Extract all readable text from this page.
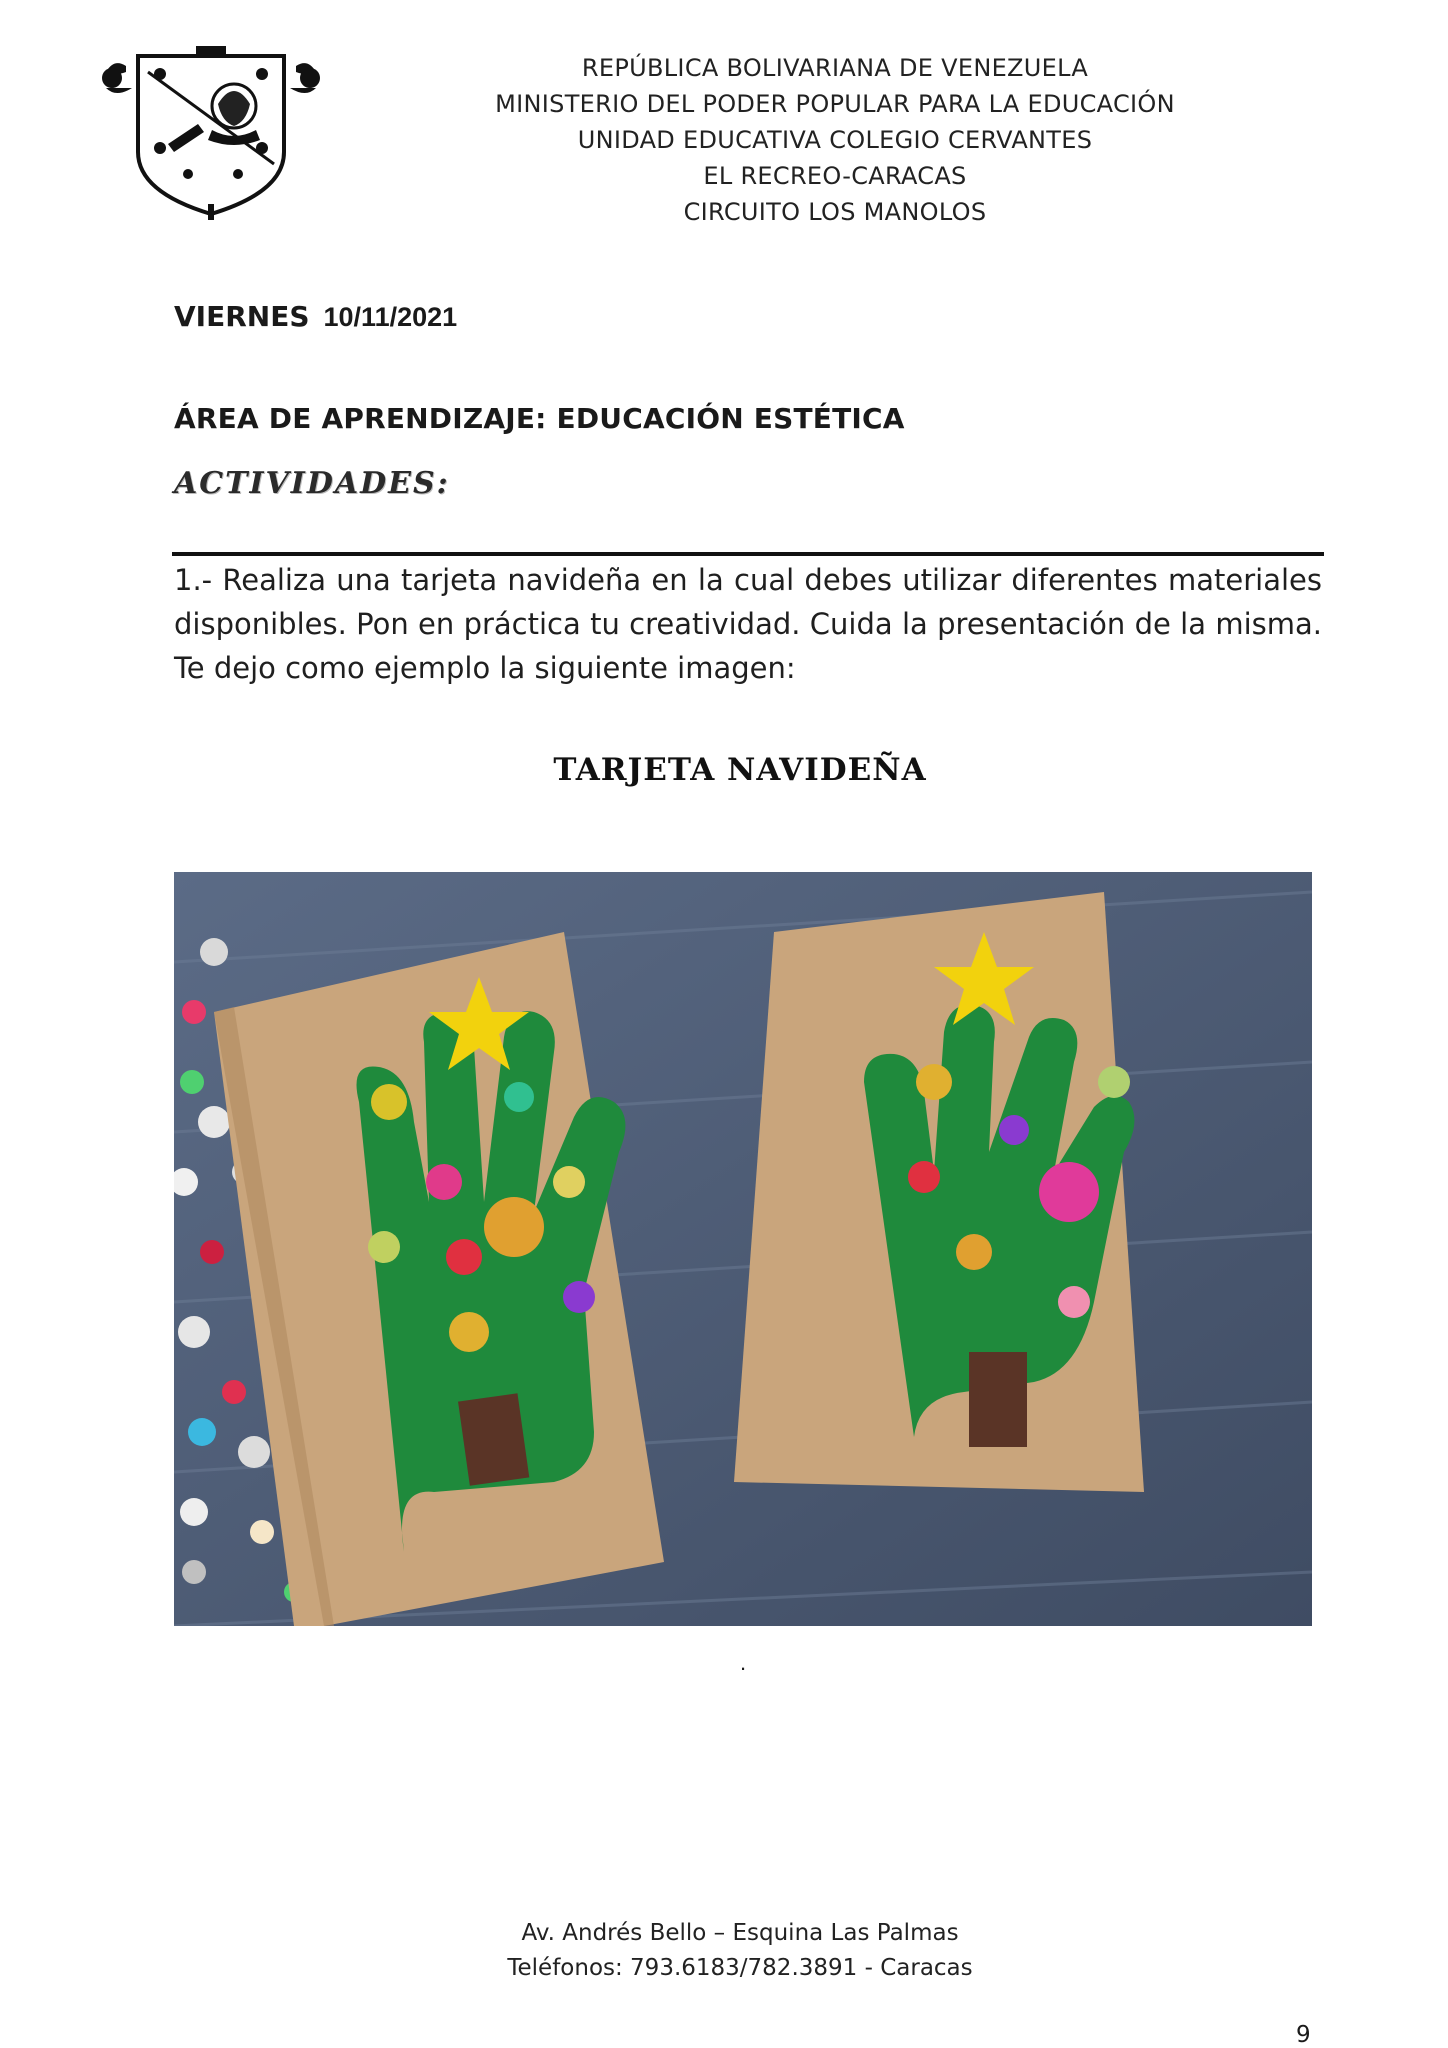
REPÚBLICA BOLIVARIANA DE VENEZUELA
MINISTERIO DEL PODER POPULAR PARA LA EDUCACIÓN
UNIDAD EDUCATIVA COLEGIO CERVANTES
EL RECREO-CARACAS
CIRCUITO LOS MANOLOS
VIERNES 10/11/2021
ÁREA DE APRENDIZAJE: EDUCACIÓN ESTÉTICA
ACTIVIDADES:
1.- Realiza una tarjeta navideña en la cual debes utilizar diferentes materiales disponibles. Pon en práctica tu creatividad. Cuida la presentación de la misma. Te dejo como ejemplo la siguiente imagen:
TARJETA NAVIDEÑA
.
Av. Andrés Bello – Esquina Las Palmas
Teléfonos: 793.6183/782.3891 - Caracas
9
